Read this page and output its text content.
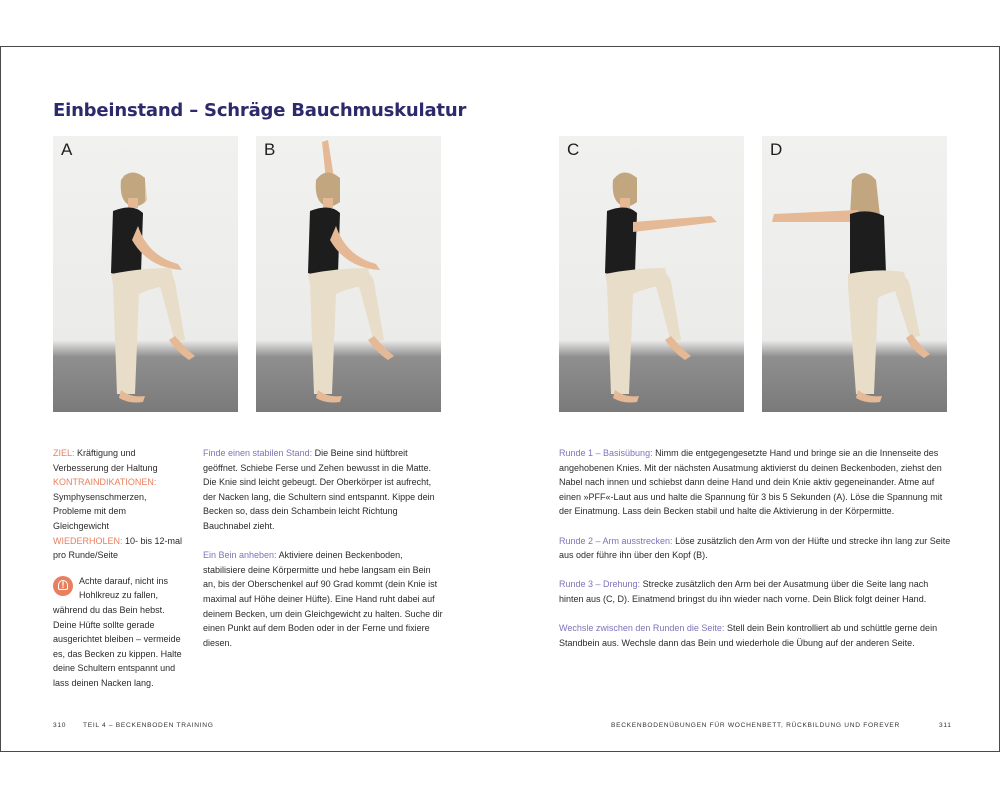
Einbeinstand – Schräge Bauchmuskulatur
A	B	C	D

ZIEL: Kräftigung und Verbesserung der Haltung

KONTRAINDIKATIONEN: Symphysenschmerzen, Probleme mit dem Gleichgewicht

WIEDERHOLEN: 10- bis 12-mal pro Runde/Seite

!
Achte darauf, nicht ins Hohlkreuz zu fallen, während du das Bein hebst. Deine Hüfte sollte gerade ausgerichtet bleiben – vermeide es, das Becken zu kippen. Halte deine Schultern entspannt und lass deinen Nacken lang.

Finde einen stabilen Stand: Die Beine sind hüftbreit geöffnet. Schiebe Ferse und Zehen bewusst in die Matte. Die Knie sind leicht gebeugt. Der Oberkörper ist aufrecht, der Nacken lang, die Schultern sind entspannt. Kippe dein Becken so, dass dein Schambein leicht Richtung Bauchnabel zieht.

Ein Bein anheben: Aktiviere deinen Beckenboden, stabilisiere deine Körpermitte und hebe langsam ein Bein an, bis der Oberschenkel auf 90 Grad kommt (dein Knie ist maximal auf Höhe deiner Hüfte). Eine Hand ruht dabei auf deinem Becken, um dein Gleichgewicht zu halten. Suche dir einen Punkt auf dem Boden oder in der Ferne und fixiere diesen.

Runde 1 – Basisübung: Nimm die entgegengesetzte Hand und bringe sie an die Innenseite des angehobenen Knies. Mit der nächsten Ausatmung aktivierst du deinen Beckenboden, ziehst den Nabel nach innen und schiebst dann deine Hand und dein Knie aktiv gegeneinander. Atme auf einen »PFF«-Laut aus und halte die Spannung für 3 bis 5 Sekunden (A). Löse die Spannung mit der Einatmung. Lass dein Becken stabil und halte die Aktivierung in der Körpermitte.

Runde 2 – Arm ausstrecken: Löse zusätzlich den Arm von der Hüfte und strecke ihn lang zur Seite aus oder führe ihn über den Kopf (B).

Runde 3 – Drehung: Strecke zusätzlich den Arm bei der Ausatmung über die Seite lang nach hinten aus (C, D). Einatmend bringst du ihn wieder nach vorne. Dein Blick folgt deiner Hand.

Wechsle zwischen den Runden die Seite: Stell dein Bein kontrolliert ab und schüttle gerne dein Standbein aus. Wechsle dann das Bein und wiederhole die Übung auf der anderen Seite.

310	TEIL 4 – BECKENBODEN TRAINING	BECKENBODENÜBUNGEN FÜR WOCHENBETT, RÜCKBILDUNG UND FOREVER	311
